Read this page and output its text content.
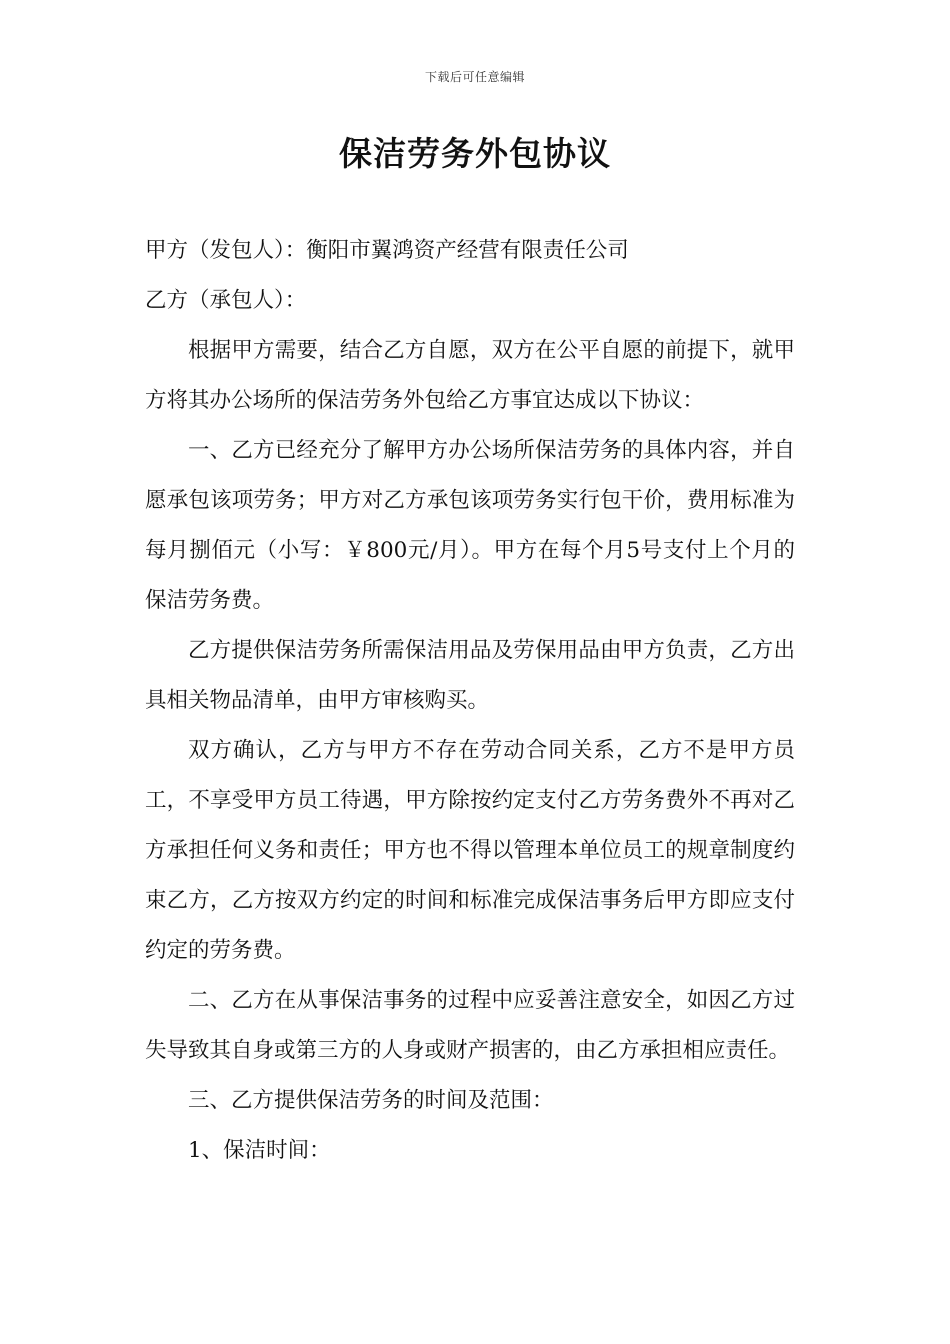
下载后可任意编辑
保洁劳务外包协议

甲方（发包人）：衡阳市翼鸿资产经营有限责任公司

乙方（承包人）：

根据甲方需要，结合乙方自愿，双方在公平自愿的前提下，就甲方将其办公场所的保洁劳务外包给乙方事宜达成以下协议：

一、乙方已经充分了解甲方办公场所保洁劳务的具体内容，并自愿承包该项劳务；甲方对乙方承包该项劳务实行包干价，费用标准为每月捌佰元（小写：￥800元/月）。甲方在每个月5号支付上个月的保洁劳务费。

乙方提供保洁劳务所需保洁用品及劳保用品由甲方负责，乙方出具相关物品清单，由甲方审核购买。

双方确认，乙方与甲方不存在劳动合同关系，乙方不是甲方员工，不享受甲方员工待遇，甲方除按约定支付乙方劳务费外不再对乙方承担任何义务和责任；甲方也不得以管理本单位员工的规章制度约束乙方，乙方按双方约定的时间和标准完成保洁事务后甲方即应支付约定的劳务费。

二、乙方在从事保洁事务的过程中应妥善注意安全，如因乙方过失导致其自身或第三方的人身或财产损害的，由乙方承担相应责任。

三、乙方提供保洁劳务的时间及范围：

1、保洁时间：
